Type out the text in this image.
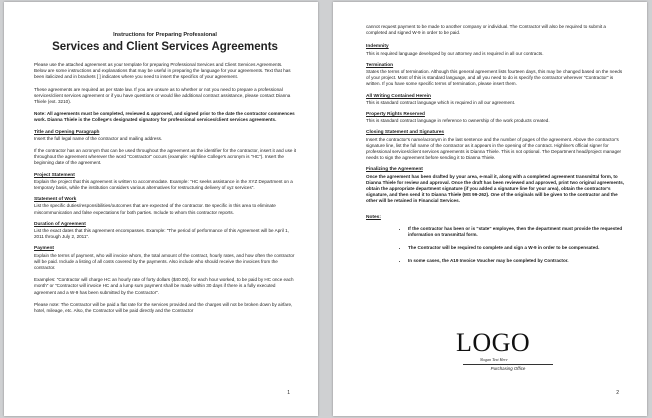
Instructions for Preparing Professional
Services and Client Services Agreements

Please use the attached agreement as your template for preparing Professional Services and Client Services Agreements. Below are some instructions and explanations that may be useful in preparing the language for your agreements. Text that has been italicized and in brackets [ ] indicates where you need to insert the specifics of your agreement.

These agreements are required as per state law. If you are unsure as to whether or not you need to prepare a professional services/client services agreement or if you have questions or would like additional contract assistance, please contact Dianna Thiele (ext. 3210).

Note: All agreements must be completed, reviewed & approved, and signed prior to the date the contractor commences work. Dianna Thiele is the College's designated signatory for professional services/client services agreements.
Title and Opening Paragraph
Insert the full legal name of the contractor and mailing address.
If the contractor has an acronym that can be used throughout the agreement as the identifier for the contractor, insert it and use it throughout the agreement wherever the word "Contractor" occurs (example: Highline College's acronym is "HC"). Insert the beginning date of the agreement.
Project Statement
Explain the project that this agreement is written to accommodate. Example: "HC seeks assistance in the XYZ Department on a temporary basis, while the institution considers various alternatives for restructuring delivery of xyz services".
Statement of Work
List the specific duties/responsibilities/outcomes that are expected of the contractor. Be specific in this area to eliminate miscommunication and false expectations for both parties. Include to whom this contractor reports.
Duration of Agreement
List the exact dates that this agreement encompasses. Example: "The period of performance of this Agreement will be April 1, 2011 through July 2, 2011".
Payment
Explain the terms of payment, who will invoice whom, the total amount of the contract, hourly rates, and how often the contractor will be paid. Include a listing of all costs covered by the payments. Also include who should receive the invoices from the contractor.
Examples: "Contractor will charge HC an hourly rate of forty dollars ($40.00), for each hour worked, to be paid by HC once each month" or "Contractor will invoice HC and a lump sum payment shall be made within 30 days if there is a fully executed agreement and a W-9 has been submitted by the Contractor".
Please note: The Contractor will be paid a flat rate for the services provided and the charges will not be broken down by airfare, hotel, mileage, etc. Also, the Contractor will be paid directly and the Contractor
1
cannot request payment to be made to another company or individual. The Contractor will also be required to submit a completed and signed W-9 in order to be paid.
Indemnity
This is required language developed by our attorney and is required in all our contracts.
Termination
States the terms of termination. Although this general agreement lists fourteen days, this may be changed based on the needs of your project. Most of this is standard language, and all you need to do is specify the contractor wherever "Contractor" is written. If you have some specific terms of termination, please insert them.
All Writing Contained Herein
This is standard contract language which is required in all our agreement.
Property Rights Reserved
This is standard contract language in reference to ownership of the work products created.
Closing Statement and Signatures
Insert the contractor's name/acronym in the last sentence and the number of pages of the agreement. Above the contractor's signature line, list the full name of the contractor as it appears in the opening of the contract. Highline's official signer for professional services/client services agreements is Dianna Thiele. This is not optional. The Department head/project manager needs to sign the agreement before sending it to Dianna Thiele.
Finalizing the Agreement
Once the agreement has been drafted by your area, e-mail it, along with a completed agreement transmittal form, to Dianna Thiele for review and approval. Once the draft has been reviewed and approved, print two original agreements, obtain the appropriate department signature (if you added a signature line for your area), obtain the contractor's signature, and then send it to Dianna Thiele (MS 99-262). One of the originals will be given to the contractor and the other will be retained in Financial Services.
Notes:
• If the contractor has been or is "state" employee, then the department must provide the requested information on transmittal form.
• The Contractor will be required to complete and sign a W-9 in order to be compensated.
• In some cases, the A19 Invoice Voucher may be completed by Contractor.
LOGO
Slogan Text Here
Purchasing Office
2
